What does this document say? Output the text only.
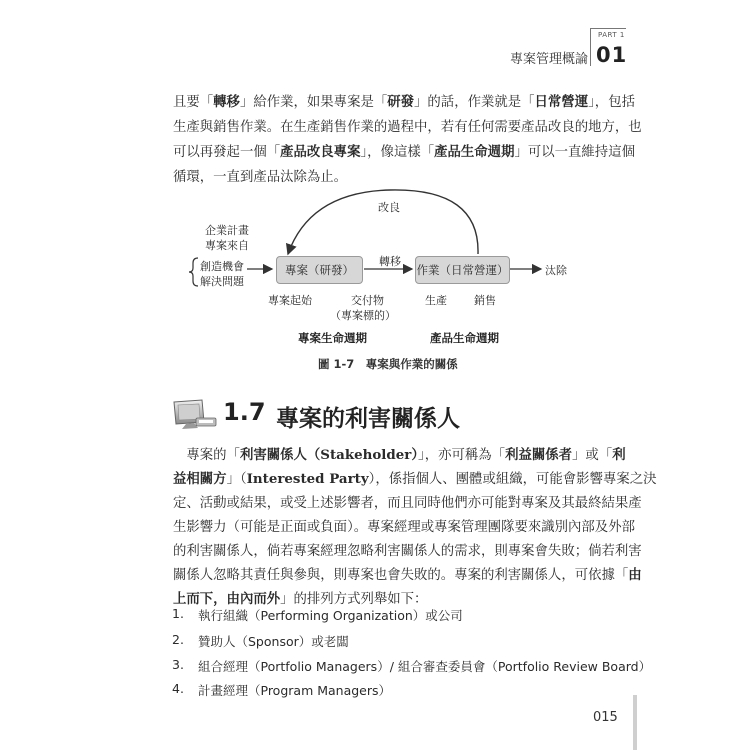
專案管理概論
PART 1
01
且要「轉移」給作業，如果專案是「研發」的話，作業就是「日常營運」，包括
生產與銷售作業。在生產銷售作業的過程中，若有任何需要產品改良的地方，也
可以再發起一個「產品改良專案」，像這樣「產品生命週期」可以一直維持這個
循環，一直到產品汰除為止。
企業計畫
專案來自
創造機會
解決問題
專案（研發）	作業（日常營運）
改良
轉移
汰除
專案起始	交付物
（專案標的）
生產 銷售
專案生命週期	產品生命週期
圖 1-7　專案與作業的關係
1.7 專案的利害關係人
　專案的「利害關係人（Stakeholder）」，亦可稱為「利益關係者」或「利
益相關方」（Interested Party），係指個人、團體或組織，可能會影響專案之決
定、活動或結果，或受上述影響者，而且同時他們亦可能對專案及其最終結果產
生影響力（可能是正面或負面）。專案經理或專案管理團隊要來識別內部及外部
的利害關係人，倘若專案經理忽略利害關係人的需求，則專案會失敗；倘若利害
關係人忽略其責任與參與，則專案也會失敗的。專案的利害關係人，可依據「由
上而下，由內而外」的排列方式列舉如下：
1. 執行組織（Performing Organization）或公司
2. 贊助人（Sponsor）或老闆
3. 組合經理（Portfolio Managers）/ 組合審查委員會（Portfolio Review Board）
4. 計畫經理（Program Managers）
015
